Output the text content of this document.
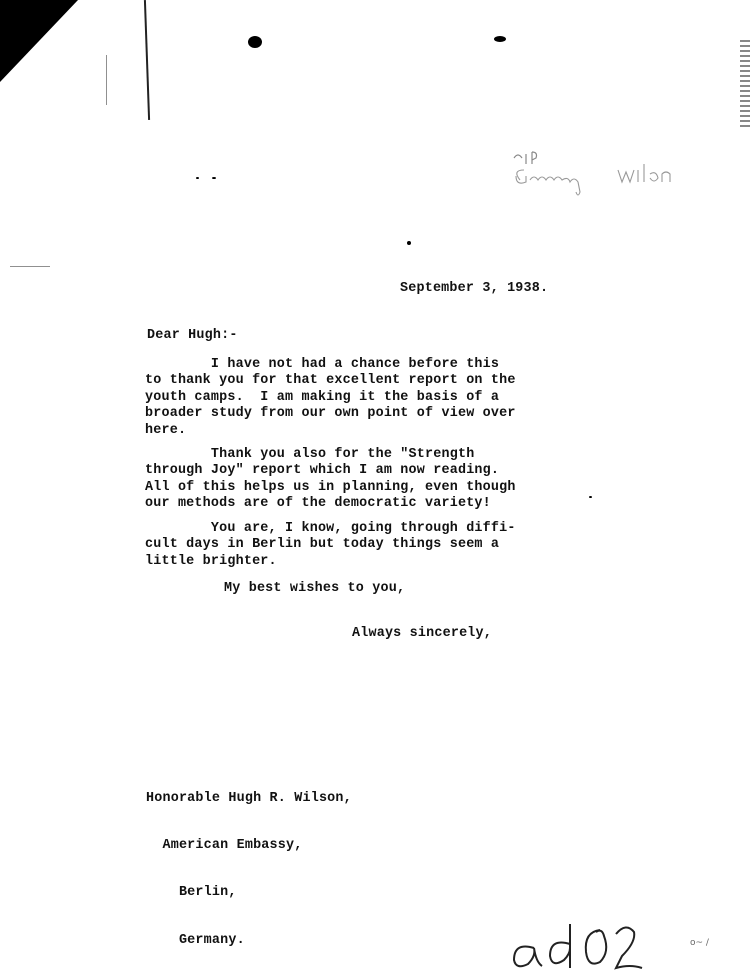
September 3, 1938.
Dear Hugh:-
I have not had a chance before this
to thank you for that excellent report on the
youth camps.  I am making it the basis of a
broader study from our own point of view over
here.
Thank you also for the "Strength
through Joy" report which I am now reading.
All of this helps us in planning, even though
our methods are of the democratic variety!
You are, I know, going through diffi-
cult days in Berlin but today things seem a
little brighter.
My best wishes to you,
Always sincerely,

Honorable Hugh R. Wilson,

American Embassy,

Berlin,

Germany.

	o~ /
